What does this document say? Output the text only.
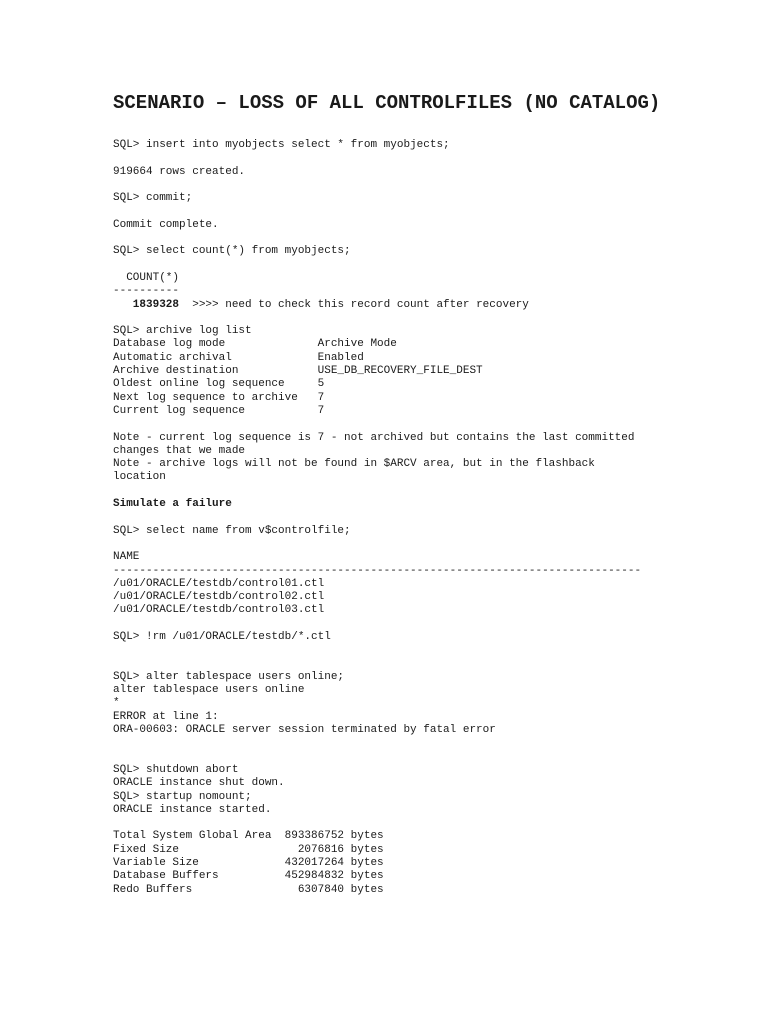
SCENARIO – LOSS OF ALL CONTROLFILES (NO CATALOG)
SQL> insert into myobjects select * from myobjects;
919664 rows created.
SQL> commit;
Commit complete.
SQL> select count(*) from myobjects;
COUNT(*)
----------
1839328  >>>> need to check this record count after recovery
SQL> archive log list
Database log mode              Archive Mode
Automatic archival             Enabled
Archive destination            USE_DB_RECOVERY_FILE_DEST
Oldest online log sequence     5
Next log sequence to archive   7
Current log sequence           7
Note - current log sequence is 7 - not archived but contains the last committed
changes that we made
Note - archive logs will not be found in $ARCV area, but in the flashback
location
Simulate a failure
SQL> select name from v$controlfile;
NAME
--------------------------------------------------------------------------------
/u01/ORACLE/testdb/control01.ctl
/u01/ORACLE/testdb/control02.ctl
/u01/ORACLE/testdb/control03.ctl
SQL> !rm /u01/ORACLE/testdb/*.ctl
SQL> alter tablespace users online;
alter tablespace users online
*
ERROR at line 1:
ORA-00603: ORACLE server session terminated by fatal error
SQL> shutdown abort
ORACLE instance shut down.
SQL> startup nomount;
ORACLE instance started.
Total System Global Area  893386752 bytes
Fixed Size                  2076816 bytes
Variable Size             432017264 bytes
Database Buffers          452984832 bytes
Redo Buffers                6307840 bytes
